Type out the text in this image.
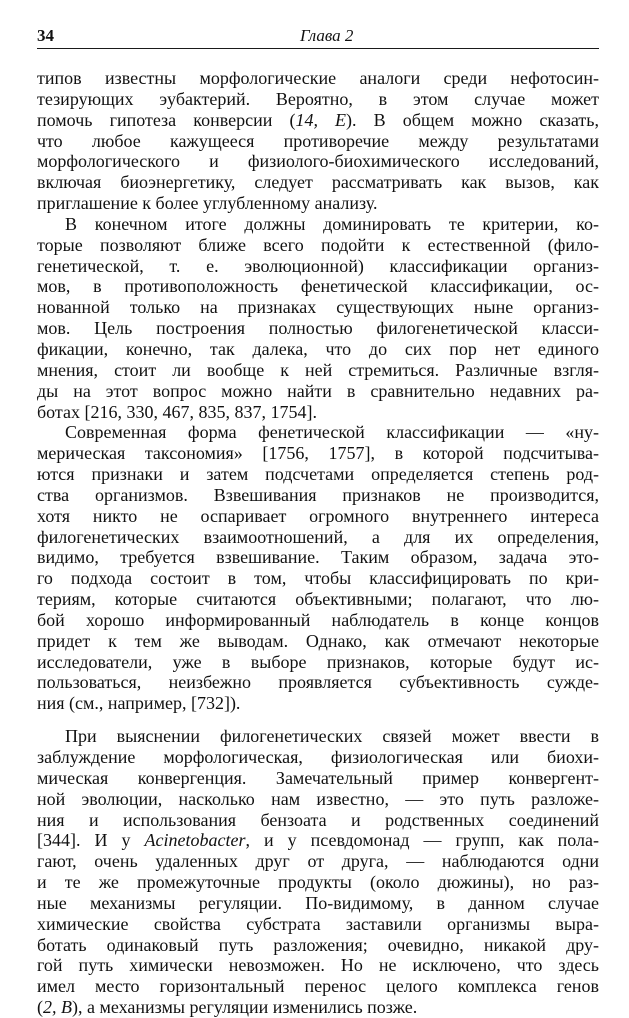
34	Глава 2
типов известны морфологические аналоги среди нефотосин-
тезирующих эубактерий. Вероятно, в этом случае может
помочь гипотеза конверсии (14, E). В общем можно сказать,
что любое кажущееся противоречие между результатами
морфологического и физиолого-биохимического исследований,
включая биоэнергетику, следует рассматривать как вызов, как
приглашение к более углубленному анализу.
В конечном итоге должны доминировать те критерии, ко-
торые позволяют ближе всего подойти к естественной (фило-
генетической, т. е. эволюционной) классификации организ-
мов, в противоположность фенетической классификации, ос-
нованной только на признаках существующих ныне организ-
мов. Цель построения полностью филогенетической класси-
фикации, конечно, так далека, что до сих пор нет единого
мнения, стоит ли вообще к ней стремиться. Различные взгля-
ды на этот вопрос можно найти в сравнительно недавних ра-
ботах [216, 330, 467, 835, 837, 1754].
Современная форма фенетической классификации — «ну-
мерическая таксономия» [1756, 1757], в которой подсчитыва-
ются признаки и затем подсчетами определяется степень род-
ства организмов. Взвешивания признаков не производится,
хотя никто не оспаривает огромного внутреннего интереса
филогенетических взаимоотношений, а для их определения,
видимо, требуется взвешивание. Таким образом, задача это-
го подхода состоит в том, чтобы классифицировать по кри-
териям, которые считаются объективными; полагают, что лю-
бой хорошо информированный наблюдатель в конце концов
придет к тем же выводам. Однако, как отмечают некоторые
исследователи, уже в выборе признаков, которые будут ис-
пользоваться, неизбежно проявляется субъективность сужде-
ния (см., например, [732]).
При выяснении филогенетических связей может ввести в
заблуждение морфологическая, физиологическая или биохи-
мическая конвергенция. Замечательный пример конвергент-
ной эволюции, насколько нам известно, — это путь разложе-
ния и использования бензоата и родственных соединений
[344]. И у Acinetobacter, и у псевдомонад — групп, как пола-
гают, очень удаленных друг от друга, — наблюдаются одни
и те же промежуточные продукты (около дюжины), но раз-
ные механизмы регуляции. По-видимому, в данном случае
химические свойства субстрата заставили организмы выра-
ботать одинаковый путь разложения; очевидно, никакой дру-
гой путь химически невозможен. Но не исключено, что здесь
имел место горизонтальный перенос целого комплекса генов
(2, B), а механизмы регуляции изменились позже.
